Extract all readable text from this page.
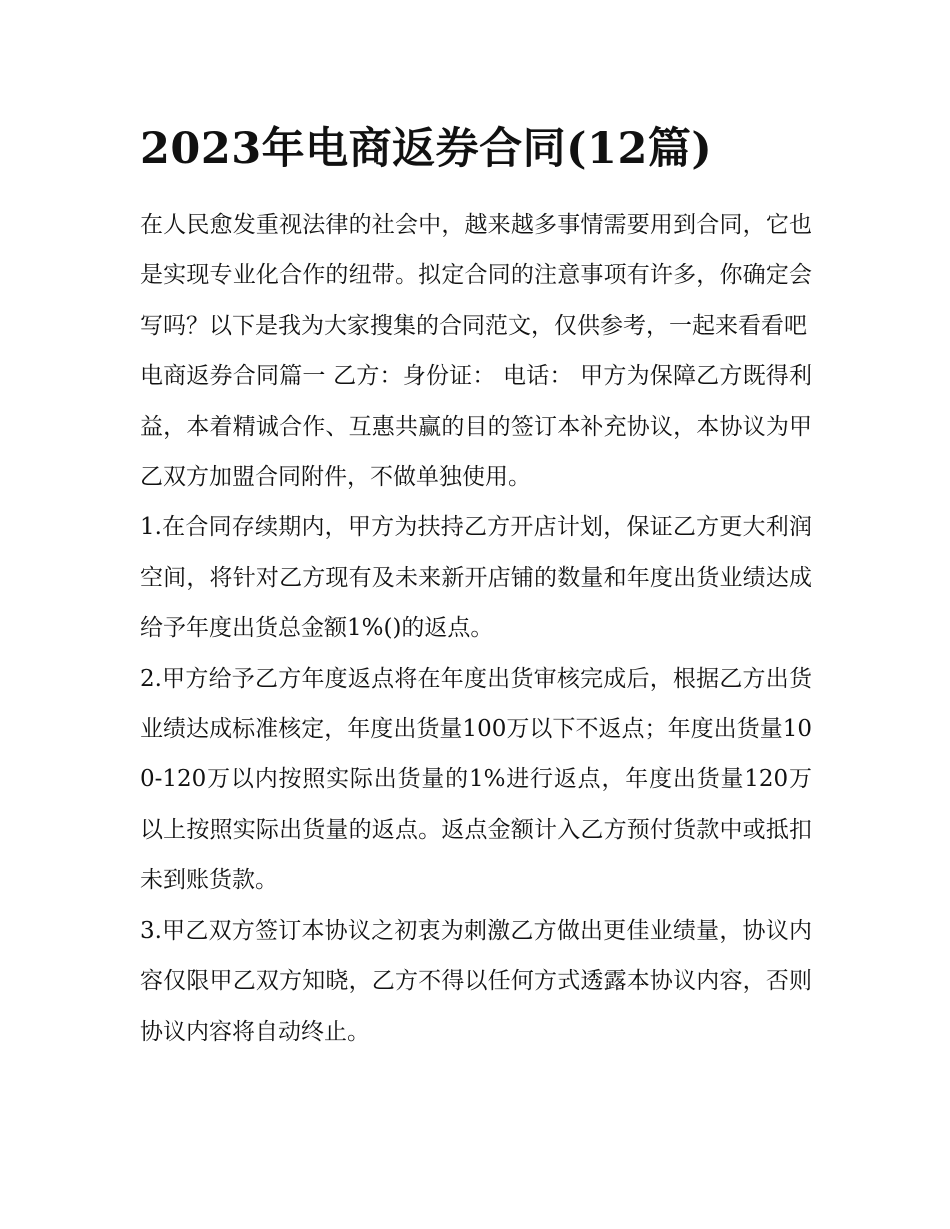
2023年电商返券合同(12篇)

在人民愈发重视法律的社会中，越来越多事情需要用到合同，它也是实现专业化合作的纽带。拟定合同的注意事项有许多，你确定会写吗？以下是我为大家搜集的合同范文，仅供参考，一起来看看吧

电商返券合同篇一 乙方：身份证： 电话： 甲方为保障乙方既得利益，本着精诚合作、互惠共赢的目的签订本补充协议，本协议为甲乙双方加盟合同附件，不做单独使用。

1.在合同存续期内，甲方为扶持乙方开店计划，保证乙方更大利润空间，将针对乙方现有及未来新开店铺的数量和年度出货业绩达成给予年度出货总金额1%()的返点。

2.甲方给予乙方年度返点将在年度出货审核完成后，根据乙方出货业绩达成标准核定，年度出货量100万以下不返点；年度出货量100-120万以内按照实际出货量的1%进行返点，年度出货量120万以上按照实际出货量的返点。返点金额计入乙方预付货款中或抵扣未到账货款。

3.甲乙双方签订本协议之初衷为刺激乙方做出更佳业绩量，协议内容仅限甲乙双方知晓，乙方不得以任何方式透露本协议内容，否则协议内容将自动终止。
